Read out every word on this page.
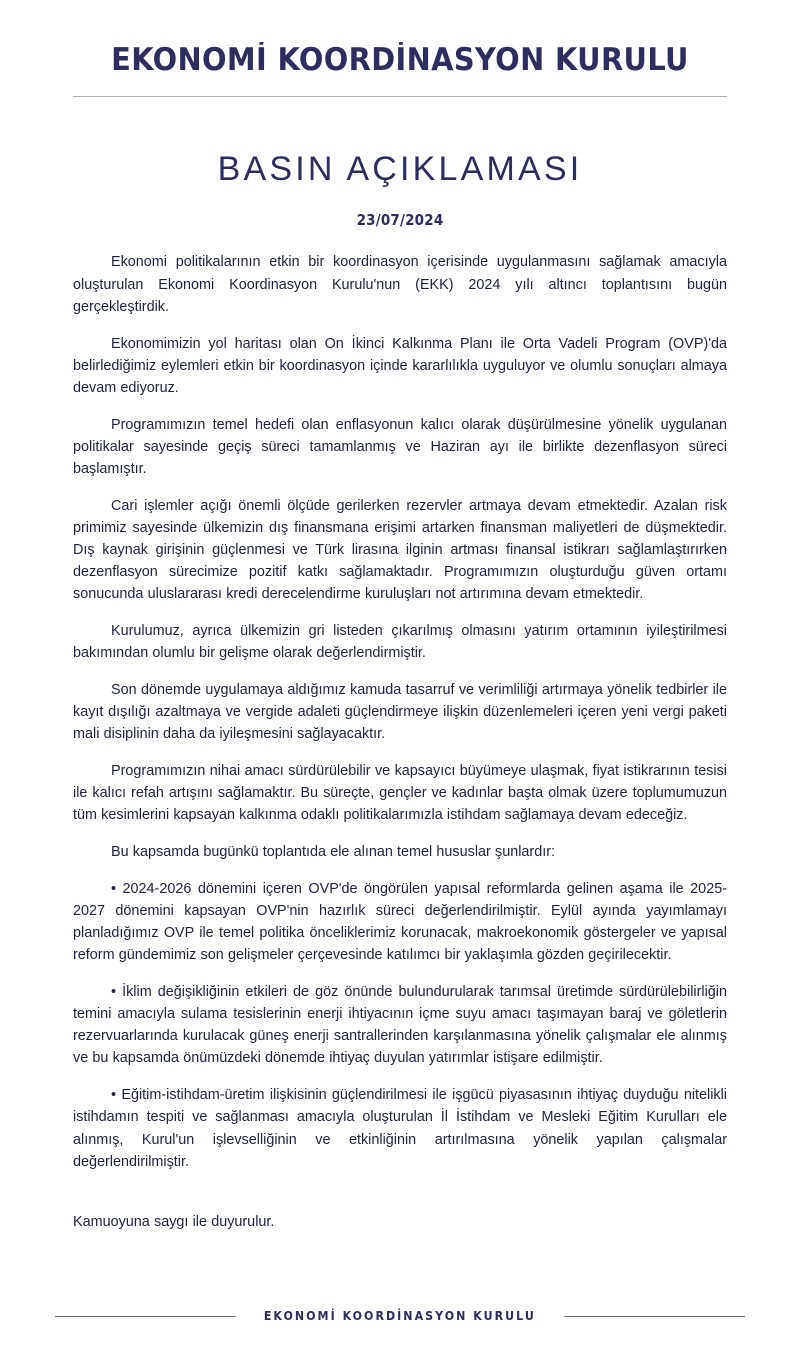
EKONOMİ KOORDİNASYON KURULU
BASIN AÇIKLAMASI
23/07/2024

Ekonomi politikalarının etkin bir koordinasyon içerisinde uygulanmasını sağlamak amacıyla oluşturulan Ekonomi Koordinasyon Kurulu'nun (EKK) 2024 yılı altıncı toplantısını bugün gerçekleştirdik.

Ekonomimizin yol haritası olan On İkinci Kalkınma Planı ile Orta Vadeli Program (OVP)'da belirlediğimiz eylemleri etkin bir koordinasyon içinde kararlılıkla uyguluyor ve olumlu sonuçları almaya devam ediyoruz.

Programımızın temel hedefi olan enflasyonun kalıcı olarak düşürülmesine yönelik uygulanan politikalar sayesinde geçiş süreci tamamlanmış ve Haziran ayı ile birlikte dezenflasyon süreci başlamıştır.

Cari işlemler açığı önemli ölçüde gerilerken rezervler artmaya devam etmektedir. Azalan risk primimiz sayesinde ülkemizin dış finansmana erişimi artarken finansman maliyetleri de düşmektedir. Dış kaynak girişinin güçlenmesi ve Türk lirasına ilginin artması finansal istikrarı sağlamlaştırırken dezenflasyon sürecimize pozitif katkı sağlamaktadır. Programımızın oluşturduğu güven ortamı sonucunda uluslararası kredi derecelendirme kuruluşları not artırımına devam etmektedir.

Kurulumuz, ayrıca ülkemizin gri listeden çıkarılmış olmasını yatırım ortamının iyileştirilmesi bakımından olumlu bir gelişme olarak değerlendirmiştir.

Son dönemde uygulamaya aldığımız kamuda tasarruf ve verimliliği artırmaya yönelik tedbirler ile kayıt dışılığı azaltmaya ve vergide adaleti güçlendirmeye ilişkin düzenlemeleri içeren yeni vergi paketi mali disiplinin daha da iyileşmesini sağlayacaktır.

Programımızın nihai amacı sürdürülebilir ve kapsayıcı büyümeye ulaşmak, fiyat istikrarının tesisi ile kalıcı refah artışını sağlamaktır. Bu süreçte, gençler ve kadınlar başta olmak üzere toplumumuzun tüm kesimlerini kapsayan kalkınma odaklı politikalarımızla istihdam sağlamaya devam edeceğiz.

Bu kapsamda bugünkü toplantıda ele alınan temel hususlar şunlardır:

• 2024-2026 dönemini içeren OVP'de öngörülen yapısal reformlarda gelinen aşama ile 2025-2027 dönemini kapsayan OVP'nin hazırlık süreci değerlendirilmiştir. Eylül ayında yayımlamayı planladığımız OVP ile temel politika önceliklerimiz korunacak, makroekonomik göstergeler ve yapısal reform gündemimiz son gelişmeler çerçevesinde katılımcı bir yaklaşımla gözden geçirilecektir.

• İklim değişikliğinin etkileri de göz önünde bulundurularak tarımsal üretimde sürdürülebilirliğin temini amacıyla sulama tesislerinin enerji ihtiyacının içme suyu amacı taşımayan baraj ve göletlerin rezervuarlarında kurulacak güneş enerji santrallerinden karşılanmasına yönelik çalışmalar ele alınmış ve bu kapsamda önümüzdeki dönemde ihtiyaç duyulan yatırımlar istişare edilmiştir.

• Eğitim-istihdam-üretim ilişkisinin güçlendirilmesi ile işgücü piyasasının ihtiyaç duyduğu nitelikli istihdamın tespiti ve sağlanması amacıyla oluşturulan İl İstihdam ve Mesleki Eğitim Kurulları ele alınmış, Kurul'un işlevselliğinin ve etkinliğinin artırılmasına yönelik yapılan çalışmalar değerlendirilmiştir.

Kamuoyuna saygı ile duyurulur.

EKONOMİ KOORDİNASYON KURULU
